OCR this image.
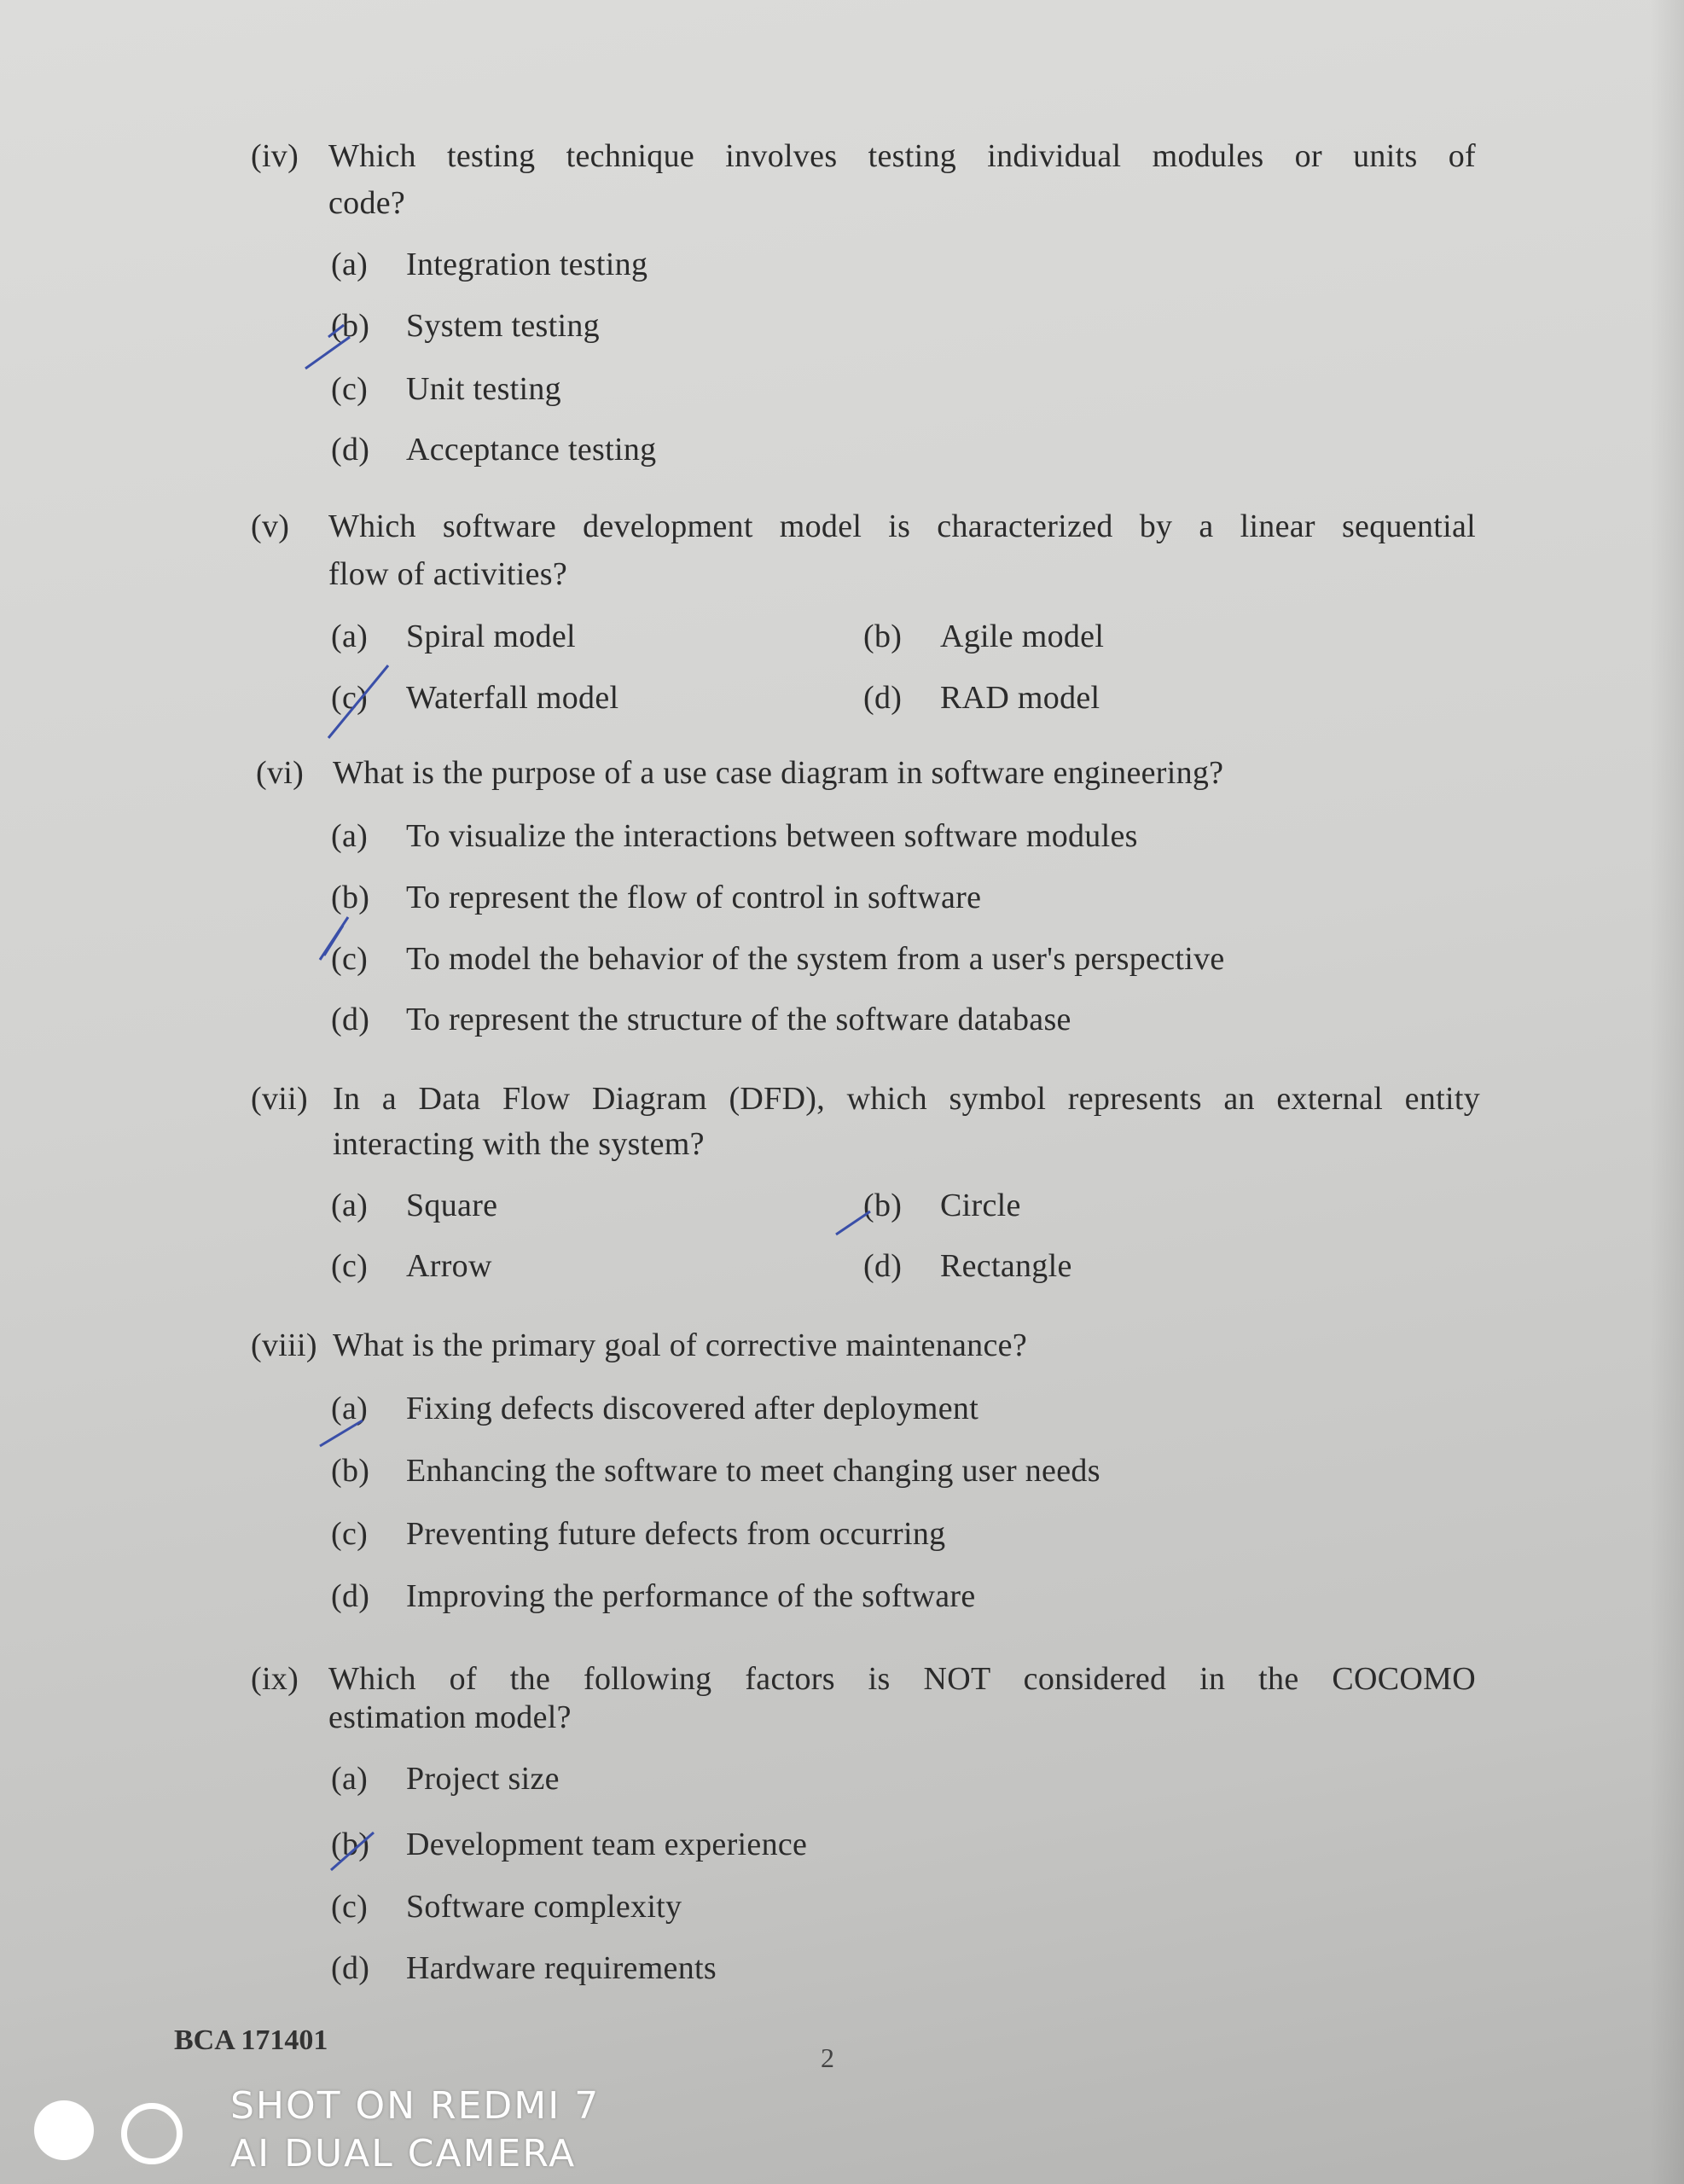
(iv) Which testing technique involves testing individual modules or units of
code?
(a) Integration testing
(b) System testing
(c) Unit testing
(d) Acceptance testing
(v) Which software development model is characterized by a linear sequential
flow of activities?
(a) Spiral model	(b) Agile model
(c) Waterfall model	(d) RAD model
(vi) What is the purpose of a use case diagram in software engineering?
(a) To visualize the interactions between software modules
(b) To represent the flow of control in software
(c) To model the behavior of the system from a user's perspective
(d) To represent the structure of the software database
(vii) In a Data Flow Diagram (DFD), which symbol represents an external entity
interacting with the system?
(a) Square	(b) Circle
(c) Arrow	(d) Rectangle
(viii) What is the primary goal of corrective maintenance?
(a) Fixing defects discovered after deployment
(b) Enhancing the software to meet changing user needs
(c) Preventing future defects from occurring
(d) Improving the performance of the software
(ix) Which of the following factors is NOT considered in the COCOMO
estimation model?
(a) Project size
(b) Development team experience
(c) Software complexity
(d) Hardware requirements
BCA 171401
2
SHOT ON REDMI 7
AI DUAL CAMERA
